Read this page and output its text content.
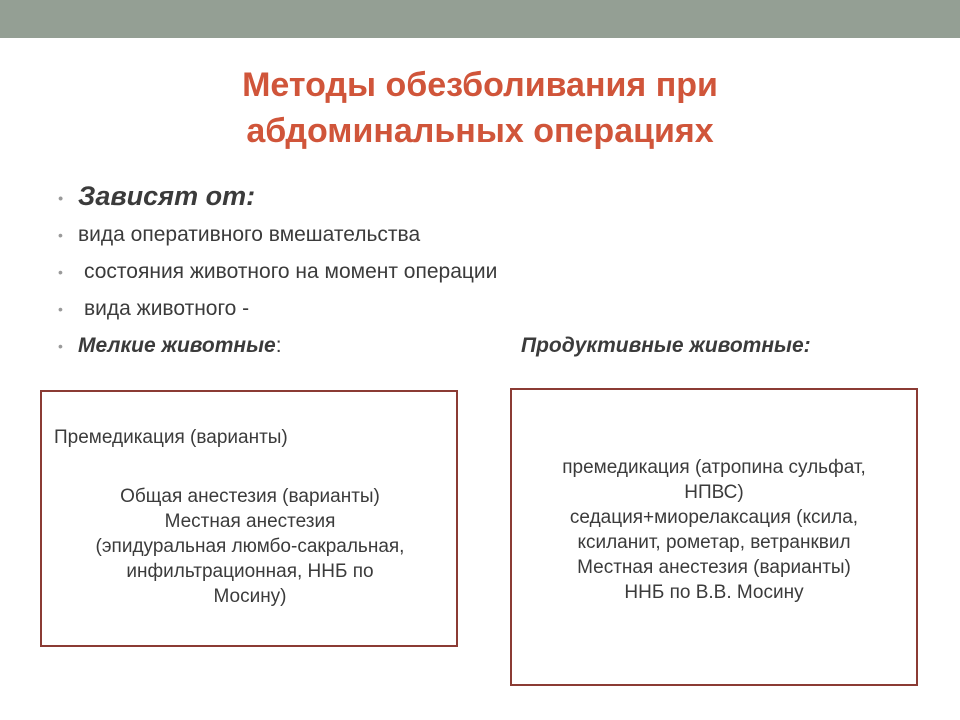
Методы обезболивания при
абдоминальных операциях
• Зависят от:
• вида оперативного вмешательства
• состояния животного на момент операции
• вида животного -
• Мелкие животные:	Продуктивные животные:
Премедикация (варианты)
Общая анестезия (варианты)
Местная анестезия
(эпидуральная люмбо-сакральная,
инфильтрационная, ННБ по
Мосину)
премедикация (атропина сульфат,
НПВС)
седация+миорелаксация (ксила,
ксиланит, рометар, ветранквил
Местная анестезия (варианты)
ННБ по В.В. Мосину
